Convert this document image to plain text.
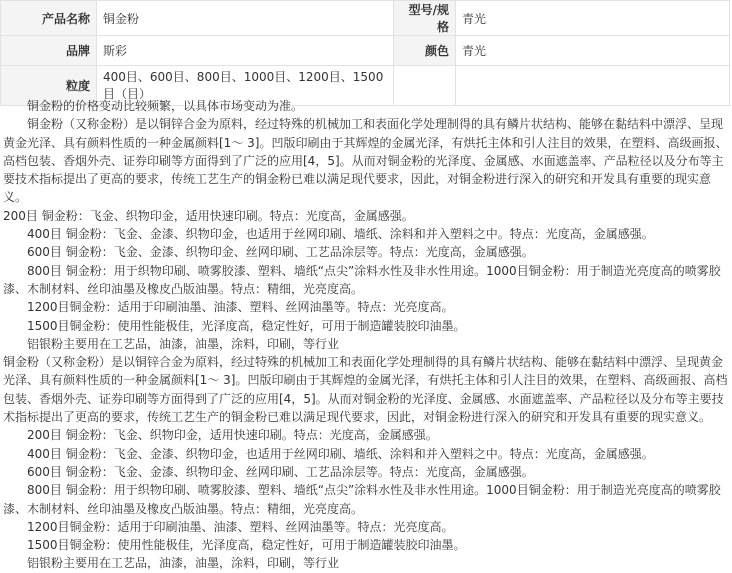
产品名称	铜金粉	型号/规格	青光
品牌	斯彩	颜色	青光
粒度	400目、600目、800目、1000目、1200目、1500目（目）		

　　铜金粉的价格变动比较频繁，以具体市场变动为准。

　　铜金粉（又称金粉）是以铜锌合金为原料，经过特殊的机械加工和表面化学处理制得的具有鳞片状结构、能够在黏结料中漂浮、呈现黄金光泽、具有颜料性质的一种金属颜料[1～ 3]。凹版印刷由于其辉煌的金属光泽，有烘托主体和引人注目的效果，在塑料、高级画报、高档包装、香烟外壳、证券印刷等方面得到了广泛的应用[4，5]。从而对铜金粉的光泽度、金属感、水面遮盖率、产品粒径以及分布等主要技术指标提出了更高的要求，传统工艺生产的铜金粉已难以满足现代要求，因此，对铜金粉进行深入的研究和开发具有重要的现实意义。

200目 铜金粉：飞金、织物印金，适用快速印刷。特点：光度高，金属感强。

　　400目 铜金粉：飞金、金漆、织物印金，也适用于丝网印刷、墙纸、涂料和并入塑料之中。特点：光度高，金属感强。

　　600目 铜金粉：飞金、金漆、织物印金、丝网印刷、工艺品涂层等。特点：光度高，金属感强。

　　800目 铜金粉：用于织物印刷、喷雾胶漆、塑料、墙纸“点尖”涂料水性及非水性用途。1000目铜金粉：用于制造光亮度高的喷雾胶漆、木制材料、丝印油墨及橡皮凸版油墨。特点：精细，光亮度高。

　　1200目铜金粉：适用于印刷油墨、油漆、塑料、丝网油墨等。特点：光亮度高。

　　1500目铜金粉：使用性能极佳，光泽度高，稳定性好，可用于制造罐装胶印油墨。

　　铝银粉主要用在工艺品，油漆，油墨，涂料，印刷，等行业

铜金粉（又称金粉）是以铜锌合金为原料，经过特殊的机械加工和表面化学处理制得的具有鳞片状结构、能够在黏结料中漂浮、呈现黄金光泽、具有颜料性质的一种金属颜料[1～ 3]。凹版印刷由于其辉煌的金属光泽，有烘托主体和引人注目的效果，在塑料、高级画报、高档包装、香烟外壳、证券印刷等方面得到了广泛的应用[4，5]。从而对铜金粉的光泽度、金属感、水面遮盖率、产品粒径以及分布等主要技术指标提出了更高的要求，传统工艺生产的铜金粉已难以满足现代要求，因此，对铜金粉进行深入的研究和开发具有重要的现实意义。

　　200目 铜金粉：飞金、织物印金，适用快速印刷。特点：光度高，金属感强。

　　400目 铜金粉：飞金、金漆、织物印金，也适用于丝网印刷、墙纸、涂料和并入塑料之中。特点：光度高，金属感强。

　　600目 铜金粉：飞金、金漆、织物印金、丝网印刷、工艺品涂层等。特点：光度高，金属感强。

　　800目 铜金粉：用于织物印刷、喷雾胶漆、塑料、墙纸“点尖”涂料水性及非水性用途。1000目铜金粉：用于制造光亮度高的喷雾胶漆、木制材料、丝印油墨及橡皮凸版油墨。特点：精细，光亮度高。

　　1200目铜金粉：适用于印刷油墨、油漆、塑料、丝网油墨等。特点：光亮度高。

　　1500目铜金粉：使用性能极佳，光泽度高，稳定性好，可用于制造罐装胶印油墨。

　　铝银粉主要用在工艺品，油漆，油墨，涂料，印刷，等行业
